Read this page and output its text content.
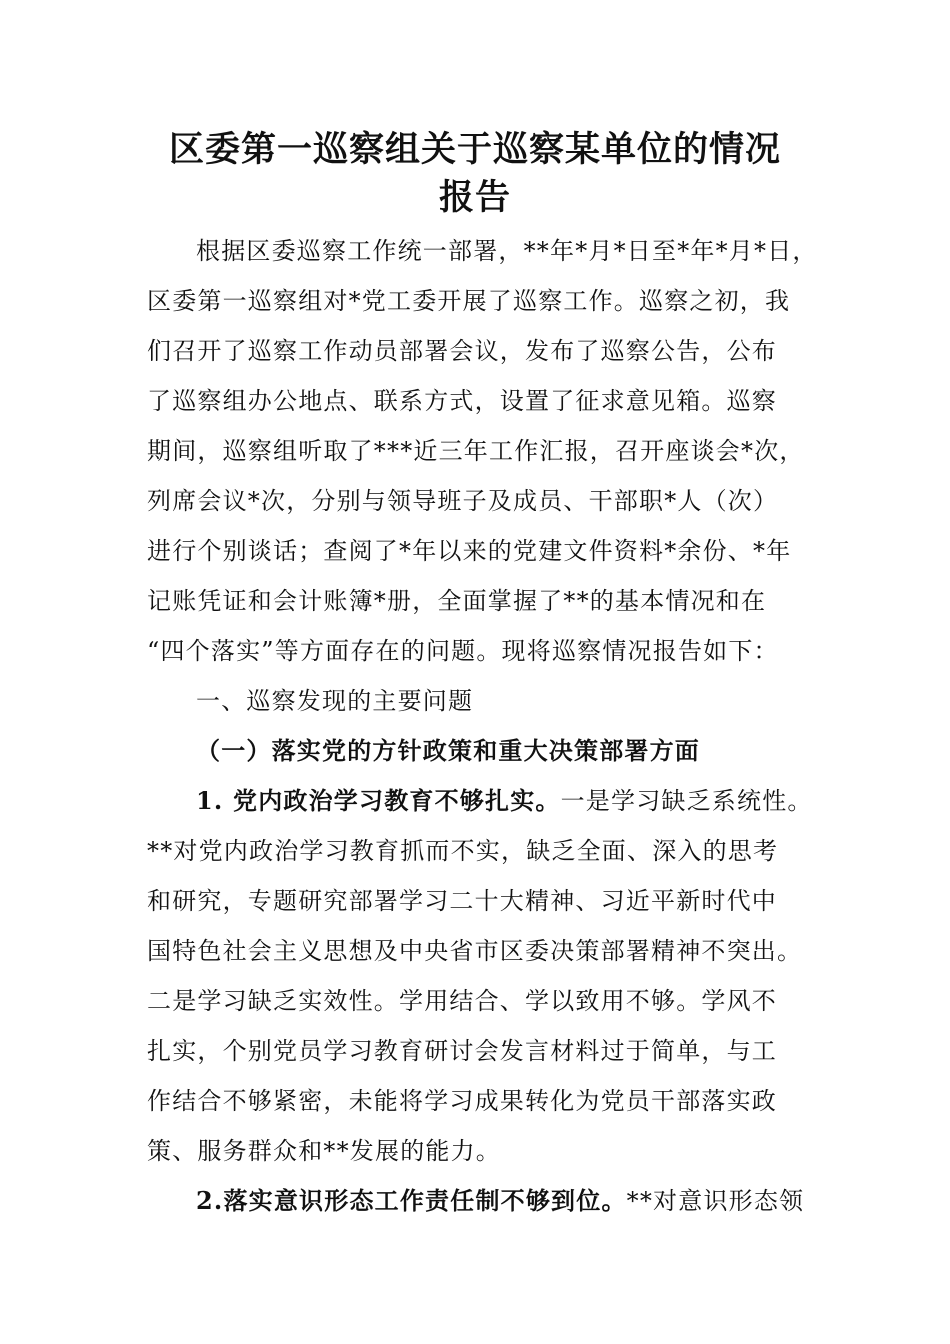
区委第一巡察组关于巡察某单位的情况
报告
根据区委巡察工作统一部署，**年*月*日至*年*月*日，
区委第一巡察组对*党工委开展了巡察工作。巡察之初，我
们召开了巡察工作动员部署会议，发布了巡察公告，公布
了巡察组办公地点、联系方式，设置了征求意见箱。巡察
期间，巡察组听取了***近三年工作汇报，召开座谈会*次，
列席会议*次，分别与领导班子及成员、干部职*人（次）
进行个别谈话；查阅了*年以来的党建文件资料*余份、*年
记账凭证和会计账簿*册，全面掌握了**的基本情况和在
“四个落实”等方面存在的问题。现将巡察情况报告如下：
一、巡察发现的主要问题
（一）落实党的方针政策和重大决策部署方面
1. 党内政治学习教育不够扎实。一是学习缺乏系统性。
**对党内政治学习教育抓而不实，缺乏全面、深入的思考
和研究，专题研究部署学习二十大精神、习近平新时代中
国特色社会主义思想及中央省市区委决策部署精神不突出。
二是学习缺乏实效性。学用结合、学以致用不够。学风不
扎实，个别党员学习教育研讨会发言材料过于简单，与工
作结合不够紧密，未能将学习成果转化为党员干部落实政
策、服务群众和**发展的能力。
2.落实意识形态工作责任制不够到位。**对意识形态领
